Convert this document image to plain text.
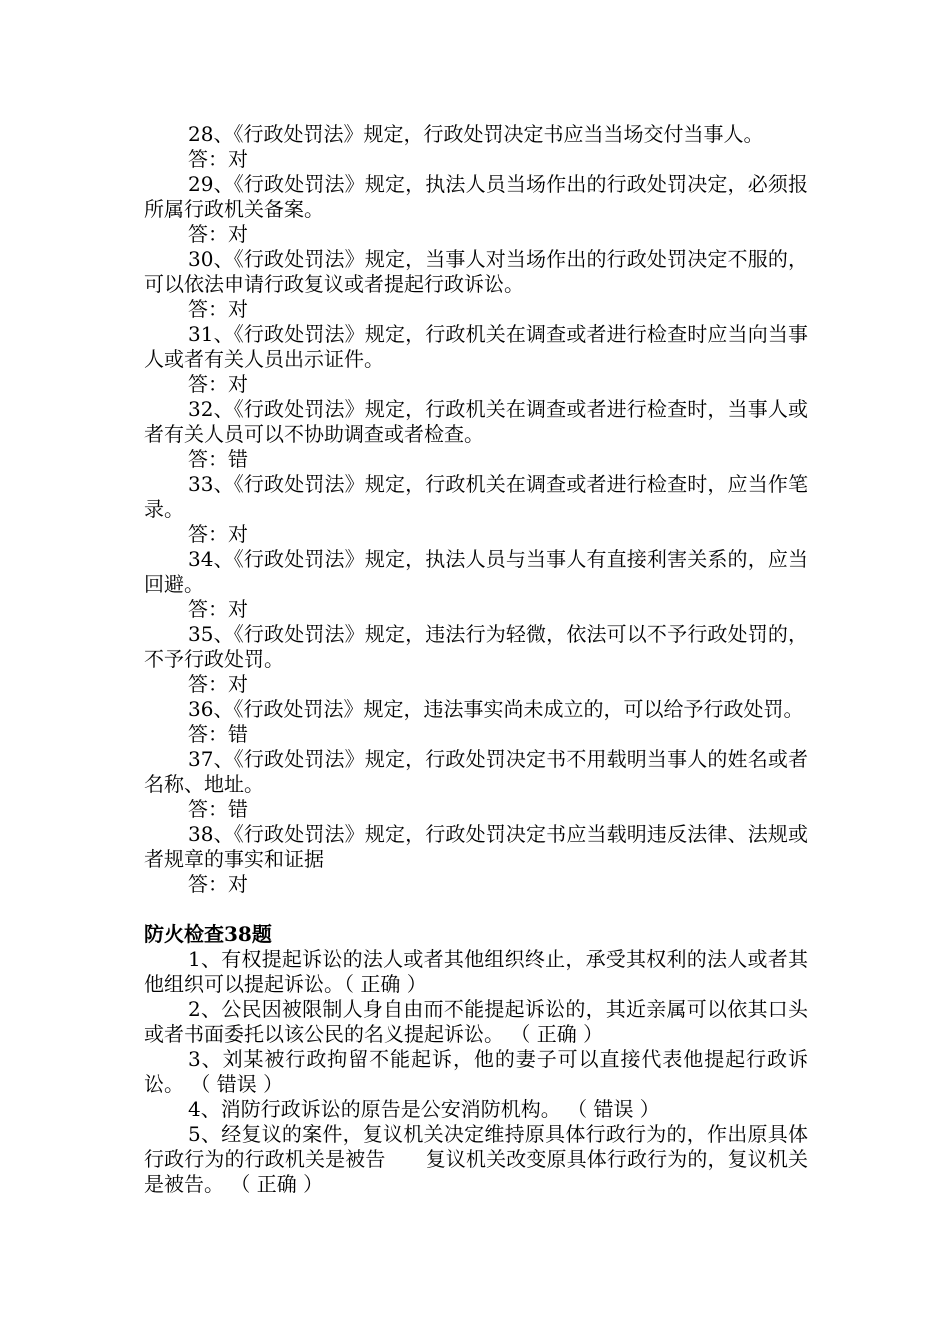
28、《行政处罚法》规定，行政处罚决定书应当当场交付当事人。

答：对

29、《行政处罚法》规定，执法人员当场作出的行政处罚决定，必须报所属行政机关备案。

答：对

30、《行政处罚法》规定，当事人对当场作出的行政处罚决定不服的，可以依法申请行政复议或者提起行政诉讼。

答：对

31、《行政处罚法》规定，行政机关在调查或者进行检查时应当向当事人或者有关人员出示证件。

答：对

32、《行政处罚法》规定，行政机关在调查或者进行检查时，当事人或者有关人员可以不协助调查或者检查。

答：错

33、《行政处罚法》规定，行政机关在调查或者进行检查时，应当作笔录。

答：对

34、《行政处罚法》规定，执法人员与当事人有直接利害关系的，应当回避。

答：对

35、《行政处罚法》规定，违法行为轻微，依法可以不予行政处罚的，不予行政处罚。

答：对

36、《行政处罚法》规定，违法事实尚未成立的，可以给予行政处罚。

答：错

37、《行政处罚法》规定，行政处罚决定书不用载明当事人的姓名或者名称、地址。

答：错

38、《行政处罚法》规定，行政处罚决定书应当载明违反法律、法规或者规章的事实和证据

答：对

防火检查38题

1、有权提起诉讼的法人或者其他组织终止，承受其权利的法人或者其他组织可以提起诉讼。（ 正确 ）

2、公民因被限制人身自由而不能提起诉讼的，其近亲属可以依其口头或者书面委托以该公民的名义提起诉讼。 （ 正确 ）

3、刘某被行政拘留不能起诉，他的妻子可以直接代表他提起行政诉讼。 （ 错误 ）

4、消防行政诉讼的原告是公安消防机构。 （ 错误 ）

5、经复议的案件，复议机关决定维持原具体行政行为的，作出原具体行政行为的行政机关是被告　　复议机关改变原具体行政行为的，复议机关是被告。 （ 正确 ）
